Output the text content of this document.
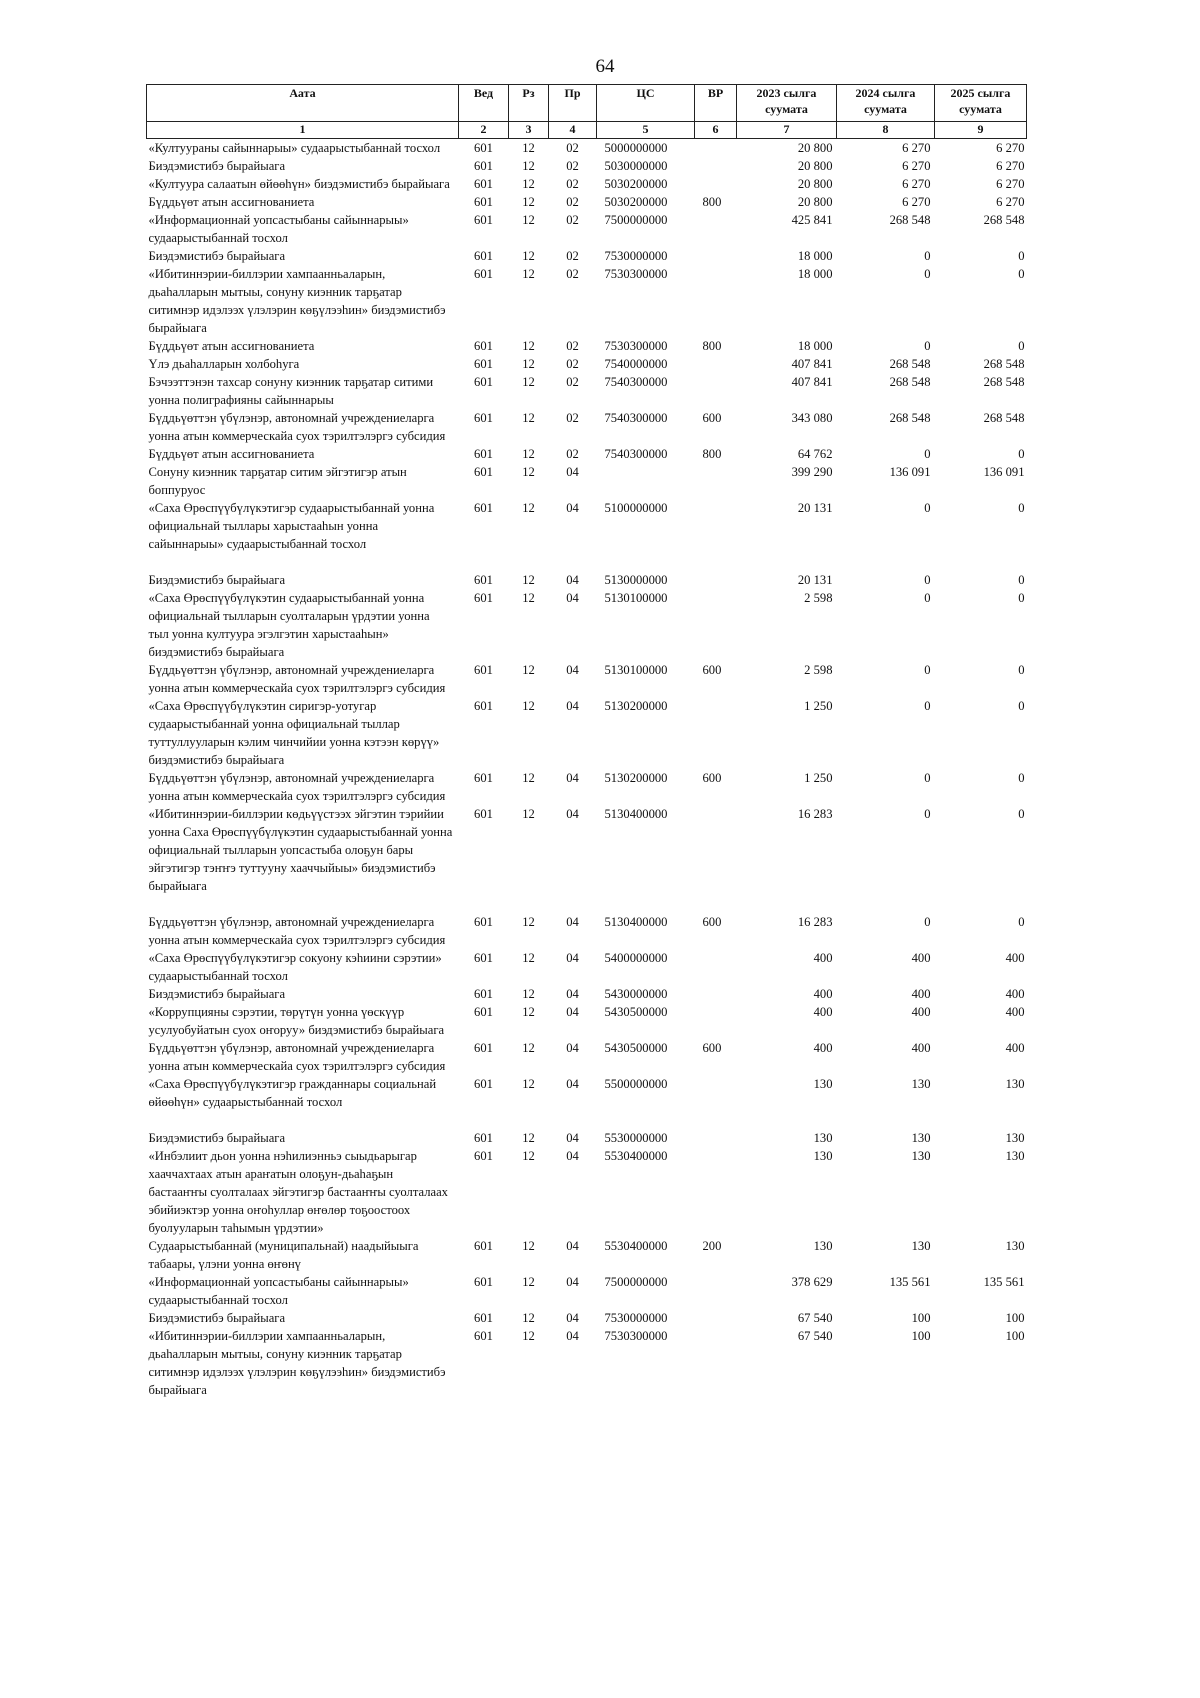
64
Аата	Вед	Рз	Пр	ЦС	ВР	2023 сылга суумата	2024 сылга суумата	2025 сылга суумата
1	2	3	4	5	6	7	8	9
«Култуураны сайыннарыы» судаарыстыбаннай тосхол	601	12	02	5000000000		20 800	6 270	6 270
Биэдэмистибэ бырайыага	601	12	02	5030000000		20 800	6 270	6 270
«Култуура салаатын өйөөһүн» биэдэмистибэ бырайыага	601	12	02	5030200000		20 800	6 270	6 270
Бүддьүөт атын ассигнованиета	601	12	02	5030200000	800	20 800	6 270	6 270
«Информационнай уопсастыбаны сайыннарыы» судаарыстыбаннай тосхол	601	12	02	7500000000		425 841	268 548	268 548
Биэдэмистибэ бырайыага	601	12	02	7530000000		18 000	0	0
«Ибитиннэрии-биллэрии хампаанньаларын, дьаһалларын мытыы, сонуну киэнник тарҕатар ситимнэр идэлээх үлэлэрин көҕүлээһин» биэдэмистибэ бырайыага	601	12	02	7530300000		18 000	0	0
Бүддьүөт атын ассигнованиета	601	12	02	7530300000	800	18 000	0	0
Үлэ дьаһалларын холбоһуга	601	12	02	7540000000		407 841	268 548	268 548
Бэчээттэнэн тахсар сонуну киэнник тарҕатар ситими уонна полиграфияны сайыннарыы	601	12	02	7540300000		407 841	268 548	268 548
Бүддьүөттэн үбүлэнэр, автономнай учреждениеларга уонна атын коммерческайа суох тэрилтэлэргэ субсидия	601	12	02	7540300000	600	343 080	268 548	268 548
Бүддьүөт атын ассигнованиета	601	12	02	7540300000	800	64 762	0	0
Сонуну киэнник тарҕатар ситим эйгэтигэр атын боппуруос	601	12	04			399 290	136 091	136 091
«Саха Өрөспүүбүлүкэтигэр судаарыстыбаннай уонна официальнай тыллары харыстааһын уонна сайыннарыы» судаарыстыбаннай тосхол	601	12	04	5100000000		20 131	0	0
Биэдэмистибэ бырайыага	601	12	04	5130000000		20 131	0	0
«Саха Өрөспүүбүлүкэтин судаарыстыбаннай уонна официальнай тылларын суолталарын үрдэтии уонна тыл уонна култуура эгэлгэтин харыстааһын» биэдэмистибэ бырайыага	601	12	04	5130100000		2 598	0	0
Бүддьүөттэн үбүлэнэр, автономнай учреждениеларга уонна атын коммерческайа суох тэрилтэлэргэ субсидия	601	12	04	5130100000	600	2 598	0	0
«Саха Өрөспүүбүлүкэтин сиригэр-уотугар судаарыстыбаннай уонна официальнай тыллар туттуллууларын кэлим чинчийии уонна кэтээн көрүү» биэдэмистибэ бырайыага	601	12	04	5130200000		1 250	0	0
Бүддьүөттэн үбүлэнэр, автономнай учреждениеларга уонна атын коммерческайа суох тэрилтэлэргэ субсидия	601	12	04	5130200000	600	1 250	0	0
«Ибитиннэрии-биллэрии көдьүүстээх эйгэтин тэрийии уонна Саха Өрөспүүбүлүкэтин судаарыстыбаннай уонна официальнай тылларын уопсастыба олоҕун бары эйгэтигэр тэҥҥэ туттууну хааччыйыы» биэдэмистибэ бырайыага	601	12	04	5130400000		16 283	0	0
Бүддьүөттэн үбүлэнэр, автономнай учреждениеларга уонна атын коммерческайа суох тэрилтэлэргэ субсидия	601	12	04	5130400000	600	16 283	0	0
«Саха Өрөспүүбүлүкэтигэр сокуону кэһиини сэрэтии» судаарыстыбаннай тосхол	601	12	04	5400000000		400	400	400
Биэдэмистибэ бырайыага	601	12	04	5430000000		400	400	400
«Коррупцияны сэрэтии, төрүтүн уонна үөскүүр усулуобуйатын суох оҥоруу» биэдэмистибэ бырайыага	601	12	04	5430500000		400	400	400
Бүддьүөттэн үбүлэнэр, автономнай учреждениеларга уонна атын коммерческайа суох тэрилтэлэргэ субсидия	601	12	04	5430500000	600	400	400	400
«Саха Өрөспүүбүлүкэтигэр гражданнары социальнай өйөөһүн» судаарыстыбаннай тосхол	601	12	04	5500000000		130	130	130
Биэдэмистибэ бырайыага	601	12	04	5530000000		130	130	130
«Инбэлиит дьон уонна нэһилиэнньэ сыыдьарыгар хааччахтаах атын араҥатын олоҕун-дьаһаҕын бастааҥҥы суолталаах эйгэтигэр бастааҥҥы суолталаах эбийиэктэр уонна оҥоһуллар өҥөлөр тоҕоостоох буолууларын таһымын үрдэтии»	601	12	04	5530400000		130	130	130
Судаарыстыбаннай (муниципальнай) наадыйыыга табаары, үлэни уонна өҥөнү	601	12	04	5530400000	200	130	130	130
«Информационнай уопсастыбаны сайыннарыы» судаарыстыбаннай тосхол	601	12	04	7500000000		378 629	135 561	135 561
Биэдэмистибэ бырайыага	601	12	04	7530000000		67 540	100	100
«Ибитиннэрии-биллэрии хампаанньаларын, дьаһалларын мытыы, сонуну киэнник тарҕатар ситимнэр идэлээх үлэлэрин көҕүлээһин» биэдэмистибэ бырайыага	601	12	04	7530300000		67 540	100	100
